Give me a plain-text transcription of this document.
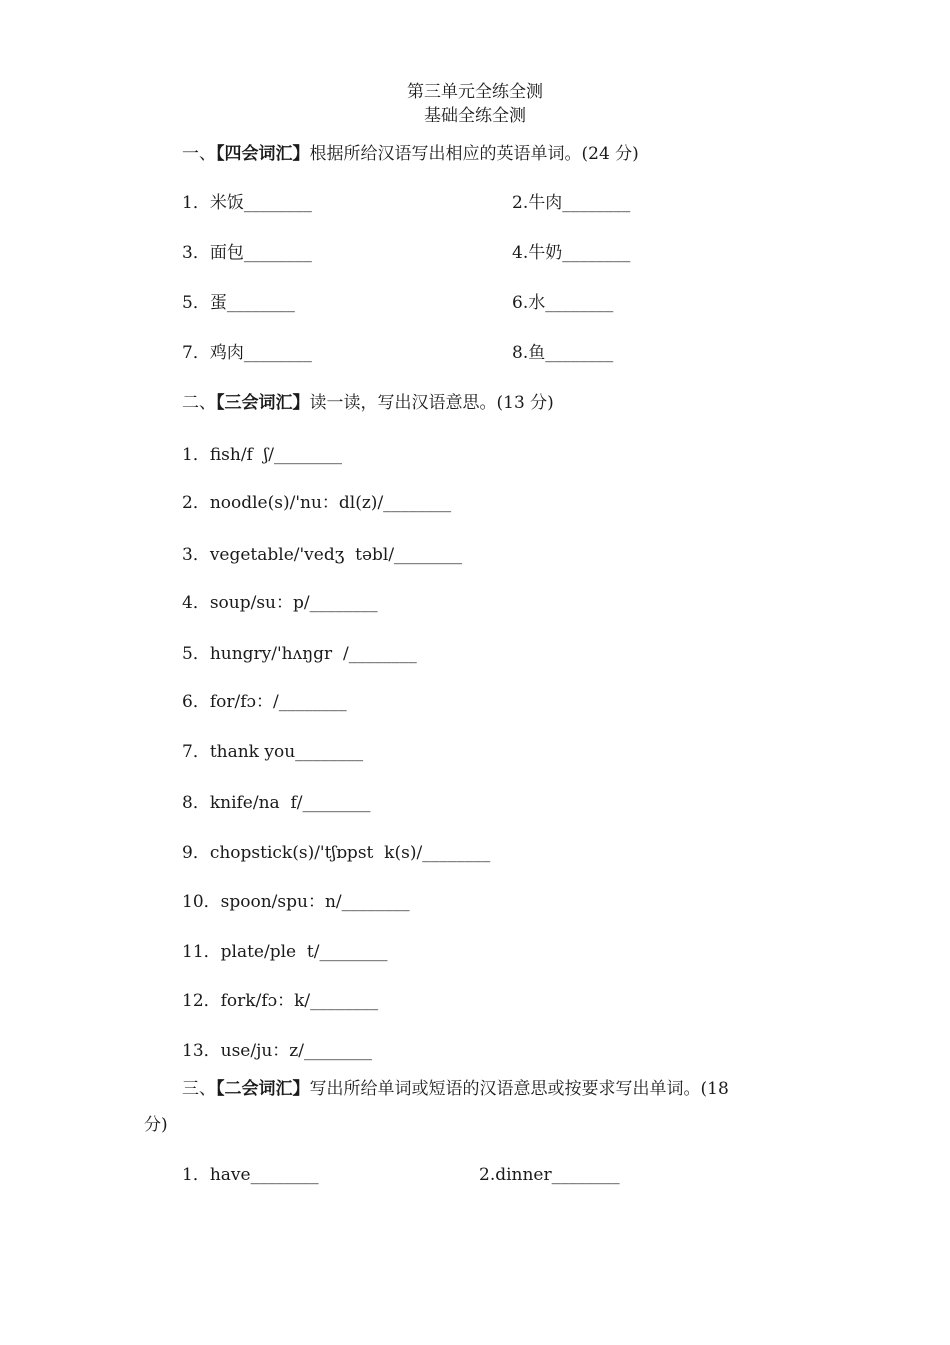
第三单元全练全测
基础全练全测
一、【四会词汇】根据所给汉语写出相应的英语单词。(24 分)
1．米饭________	2.牛肉________
3．面包________	4.牛奶________
5．蛋________	6.水________
7．鸡肉________	8.鱼________
二、【三会词汇】读一读，写出汉语意思。(13 分)
1．fish/f  ʃ/________
2．noodle(s)/'nu：dl(z)/________
3．vegetable/'vedʒ  təbl/________
4．soup/su：p/________
5．hungry/'hʌŋgr  /________
6．for/fɔ：/________
7．thank you________
8．knife/na  f/________
9．chopstick(s)/'tʃɒpst  k(s)/________
10．spoon/spu：n/________
11．plate/ple  t/________
12．fork/fɔ：k/________
13．use/ju：z/________
三、【二会词汇】写出所给单词或短语的汉语意思或按要求写出单词。(18
分)
1．have________	2.dinner________
